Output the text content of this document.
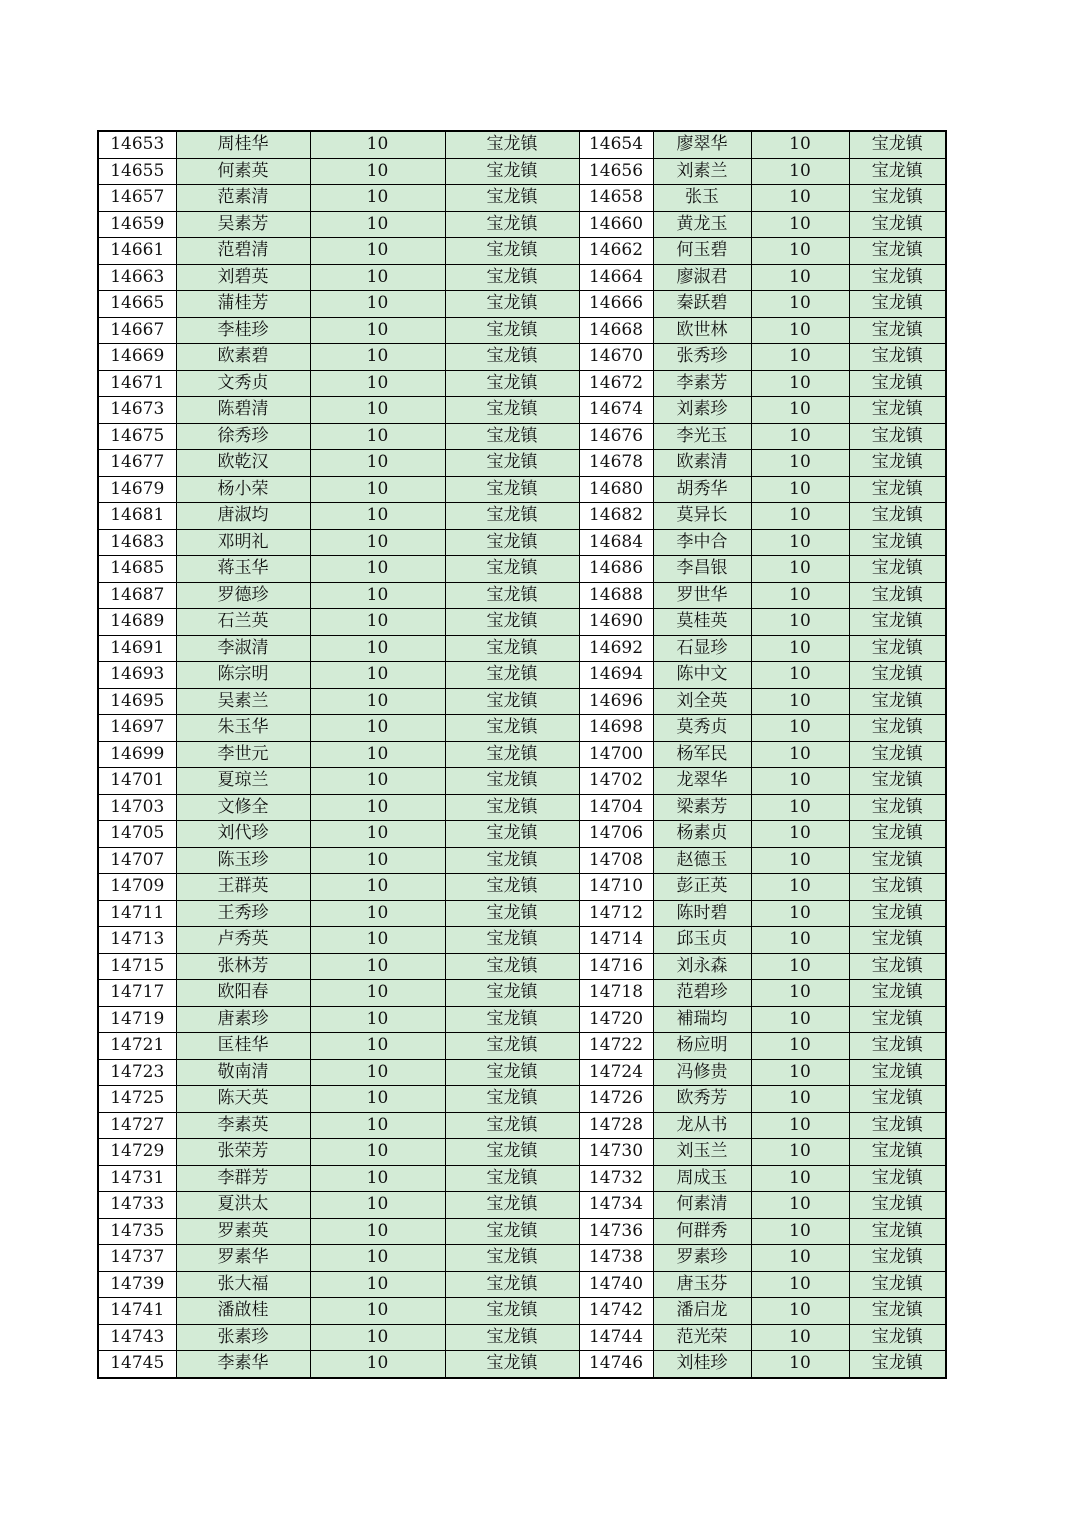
14653	周桂华	10	宝龙镇	14654	廖翠华	10	宝龙镇
14655	何素英	10	宝龙镇	14656	刘素兰	10	宝龙镇
14657	范素清	10	宝龙镇	14658	张玉	10	宝龙镇
14659	吴素芳	10	宝龙镇	14660	黄龙玉	10	宝龙镇
14661	范碧清	10	宝龙镇	14662	何玉碧	10	宝龙镇
14663	刘碧英	10	宝龙镇	14664	廖淑君	10	宝龙镇
14665	蒲桂芳	10	宝龙镇	14666	秦跃碧	10	宝龙镇
14667	李桂珍	10	宝龙镇	14668	欧世林	10	宝龙镇
14669	欧素碧	10	宝龙镇	14670	张秀珍	10	宝龙镇
14671	文秀贞	10	宝龙镇	14672	李素芳	10	宝龙镇
14673	陈碧清	10	宝龙镇	14674	刘素珍	10	宝龙镇
14675	徐秀珍	10	宝龙镇	14676	李光玉	10	宝龙镇
14677	欧乾汉	10	宝龙镇	14678	欧素清	10	宝龙镇
14679	杨小荣	10	宝龙镇	14680	胡秀华	10	宝龙镇
14681	唐淑均	10	宝龙镇	14682	莫异长	10	宝龙镇
14683	邓明礼	10	宝龙镇	14684	李中合	10	宝龙镇
14685	蒋玉华	10	宝龙镇	14686	李昌银	10	宝龙镇
14687	罗德珍	10	宝龙镇	14688	罗世华	10	宝龙镇
14689	石兰英	10	宝龙镇	14690	莫桂英	10	宝龙镇
14691	李淑清	10	宝龙镇	14692	石显珍	10	宝龙镇
14693	陈宗明	10	宝龙镇	14694	陈中文	10	宝龙镇
14695	吴素兰	10	宝龙镇	14696	刘全英	10	宝龙镇
14697	朱玉华	10	宝龙镇	14698	莫秀贞	10	宝龙镇
14699	李世元	10	宝龙镇	14700	杨军民	10	宝龙镇
14701	夏琼兰	10	宝龙镇	14702	龙翠华	10	宝龙镇
14703	文修全	10	宝龙镇	14704	梁素芳	10	宝龙镇
14705	刘代珍	10	宝龙镇	14706	杨素贞	10	宝龙镇
14707	陈玉珍	10	宝龙镇	14708	赵德玉	10	宝龙镇
14709	王群英	10	宝龙镇	14710	彭正英	10	宝龙镇
14711	王秀珍	10	宝龙镇	14712	陈时碧	10	宝龙镇
14713	卢秀英	10	宝龙镇	14714	邱玉贞	10	宝龙镇
14715	张林芳	10	宝龙镇	14716	刘永森	10	宝龙镇
14717	欧阳春	10	宝龙镇	14718	范碧珍	10	宝龙镇
14719	唐素珍	10	宝龙镇	14720	補瑞均	10	宝龙镇
14721	匡桂华	10	宝龙镇	14722	杨应明	10	宝龙镇
14723	敬南清	10	宝龙镇	14724	冯修贵	10	宝龙镇
14725	陈天英	10	宝龙镇	14726	欧秀芳	10	宝龙镇
14727	李素英	10	宝龙镇	14728	龙从书	10	宝龙镇
14729	张荣芳	10	宝龙镇	14730	刘玉兰	10	宝龙镇
14731	李群芳	10	宝龙镇	14732	周成玉	10	宝龙镇
14733	夏洪太	10	宝龙镇	14734	何素清	10	宝龙镇
14735	罗素英	10	宝龙镇	14736	何群秀	10	宝龙镇
14737	罗素华	10	宝龙镇	14738	罗素珍	10	宝龙镇
14739	张大福	10	宝龙镇	14740	唐玉芬	10	宝龙镇
14741	潘啟桂	10	宝龙镇	14742	潘启龙	10	宝龙镇
14743	张素珍	10	宝龙镇	14744	范光荣	10	宝龙镇
14745	李素华	10	宝龙镇	14746	刘桂珍	10	宝龙镇
